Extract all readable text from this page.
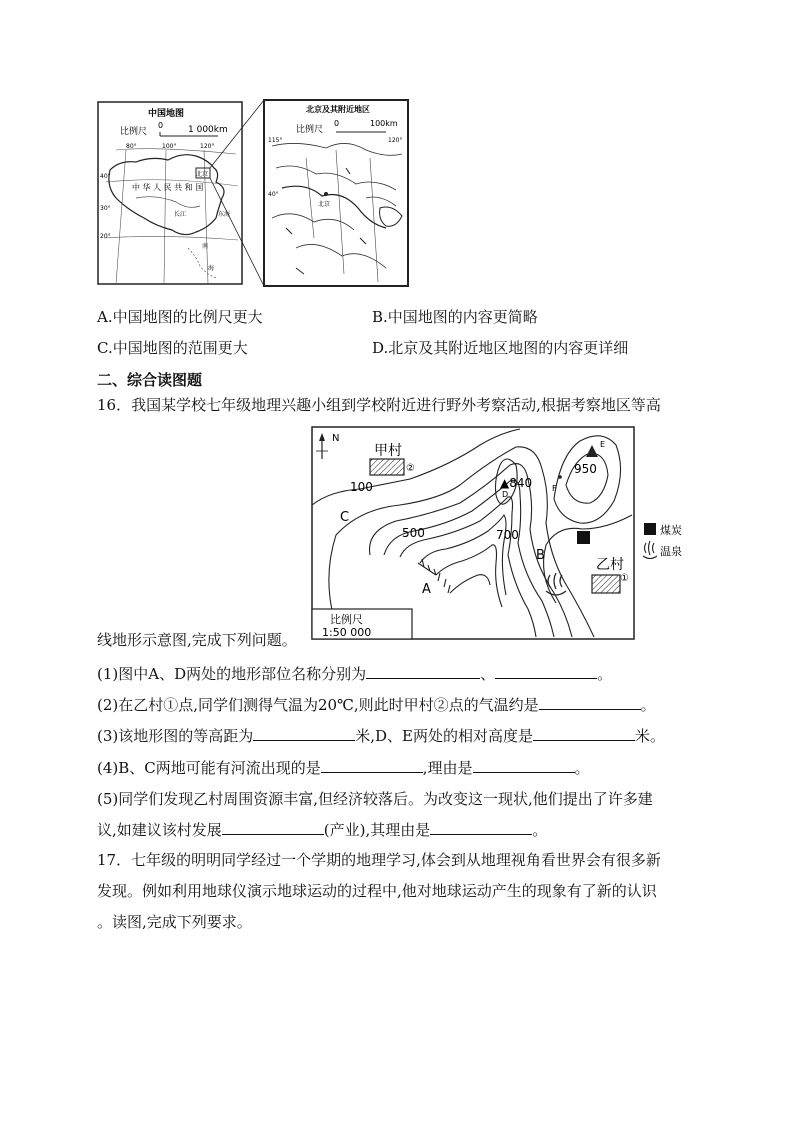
中国地图
比例尺
0	1 000km
80°	100°	120°
40°
20°
30°
北京
中 华 人 民 共 和 国
长江	东海
南
海
北京及其附近地区
比例尺
0	100km
115°	120°
40°
北京
A.中国地图的比例尺更大	B.中国地图的内容更简略
C.中国地图的范围更大	D.北京及其附近地区地图的内容更详细
二、综合读图题
16．我国某学校七年级地理兴趣小组到学校附近进行野外考察活动,根据考察地区等高
N
甲村
②
▲840
D
E
950
F
100
500	700
C
A
B
乙村
①
比例尺
1:50 000
煤炭
温泉
线地形示意图,完成下列问题。
(1)图中A、D两处的地形部位名称分别为	、	。
(2)在乙村①点,同学们测得气温为20℃,则此时甲村②点的气温约是	。
(3)该地形图的等高距为	米,D、E两处的相对高度是	米。
(4)B、C两地可能有河流出现的是	,理由是	。
(5)同学们发现乙村周围资源丰富,但经济较落后。为改变这一现状,他们提出了许多建
议,如建议该村发展	(产业),其理由是	。
17．七年级的明明同学经过一个学期的地理学习,体会到从地理视角看世界会有很多新
发现。例如利用地球仪演示地球运动的过程中,他对地球运动产生的现象有了新的认识
。读图,完成下列要求。
